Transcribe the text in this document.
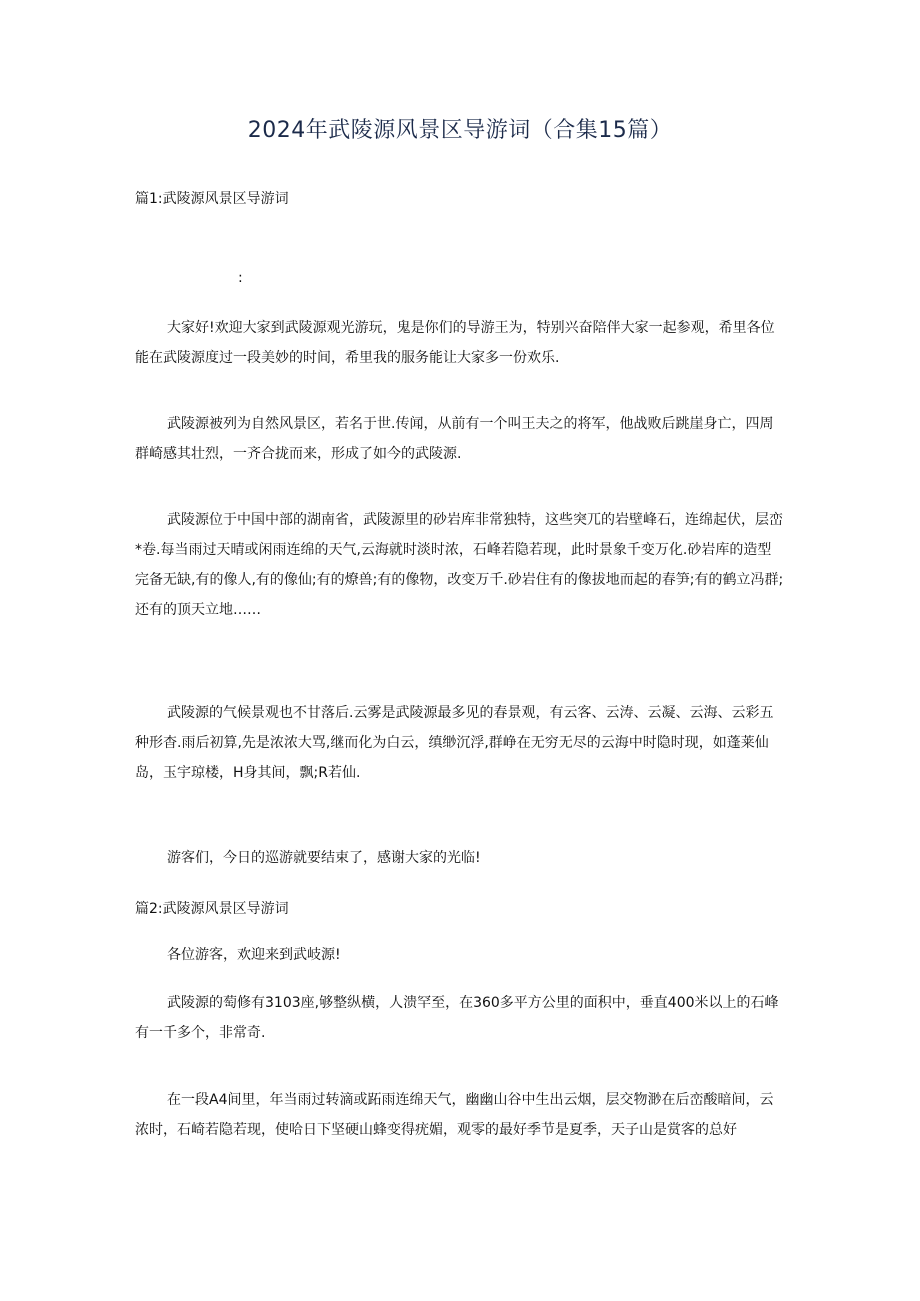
2024年武陵源风景区导游词（合集15篇）
篇1:武陵源风景区导游词
:

大家好!欢迎大家到武陵源观光游玩，鬼是你们的导游王为，特别兴奋陪伴大家一起参观，希里各位能在武陵源度过一段美妙的时间，希里我的服务能让大家多一份欢乐.

武陵源被列为自然风景区，若名于世.传闻，从前有一个叫王夫之的将军，他战败后跳崖身亡，四周群崎感其壮烈，一齐合拢而来，形成了如今的武陵源.

武陵源位于中国中部的湖南省，武陵源里的砂岩库非常独特，这些突兀的岩壁峰石，连绵起伏，层峦*卷.每当雨过天晴或闲雨连绵的天气,云海就时淡时浓，石峰若隐若现，此时景象千变万化.砂岩库的造型完备无缺,有的像人,有的像仙;有的燎兽;有的像物，改变万千.砂岩住有的像拔地而起的春笋;有的鹤立冯群;还有的顶天立地……

武陵源的气候景观也不甘落后.云雾是武陵源最多见的春景观，有云客、云涛、云凝、云海、云彩五种形杳.雨后初算,先是浓浓大骂,继而化为白云，缜缈沉浮,群峥在无穷无尽的云海中时隐时现，如蓬莱仙岛，玉宇琼楼，H身其间，飘;R若仙.

游客们，今日的巡游就要结束了，感谢大家的光临!

篇2:武陵源风景区导游词

各位游客，欢迎来到武岐源!

武陵源的萄修有3103座,够整纵横，人溃罕至，在360多平方公里的面积中，垂直400米以上的石峰有一千多个，非常奇.

在一段A4间里，年当雨过转滴或跖雨连绵天气，幽幽山谷中生出云烟，层交物渺在后峦酸暗间，云浓时，石崎若隐若现，使哈日下坚硬山蜂变得疣媚，观零的最好季节是夏季，天子山是赏客的总好
